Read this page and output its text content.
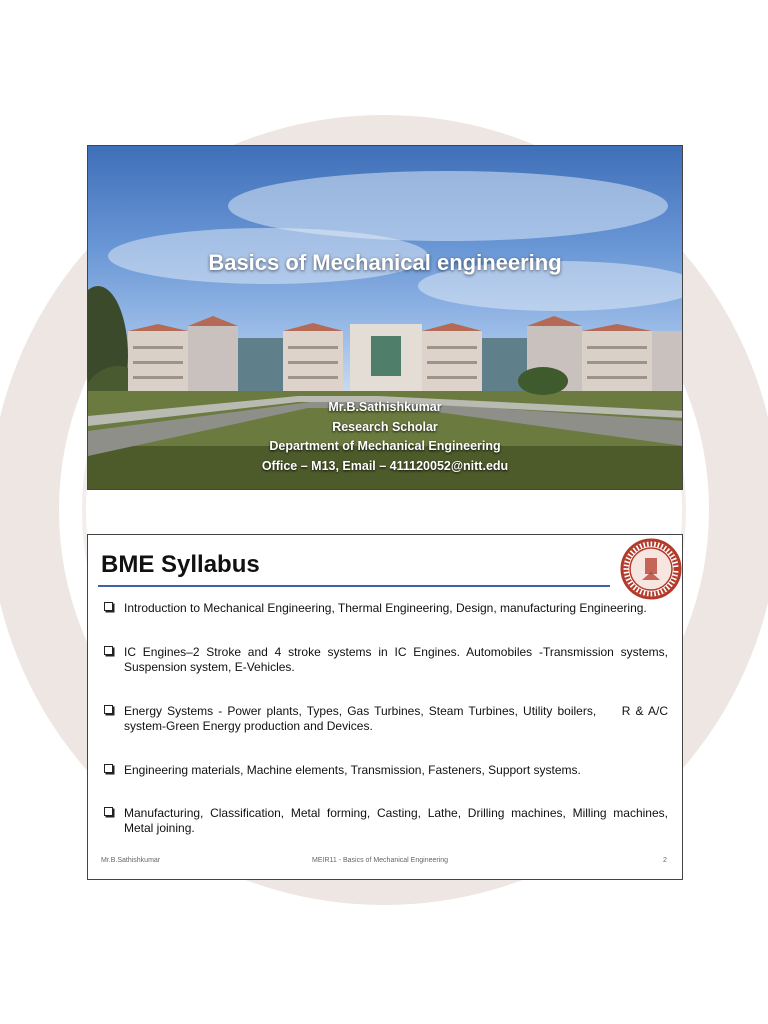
Basics of Mechanical engineering
Mr.B.Sathishkumar
Research Scholar
Department of Mechanical Engineering
Office – M13, Email – 411120052@nitt.edu
BME Syllabus
Introduction to Mechanical Engineering, Thermal Engineering, Design, manufacturing Engineering.
IC Engines–2 Stroke and 4 stroke systems in IC Engines. Automobiles -Transmission systems, Suspension system, E-Vehicles.
Energy Systems - Power plants, Types, Gas Turbines, Steam Turbines, Utility boilers,     R & A/C system-Green Energy production and Devices.
Engineering materials, Machine elements, Transmission, Fasteners, Support systems.
Manufacturing, Classification, Metal forming, Casting, Lathe, Drilling machines, Milling machines, Metal joining.
Mr.B.Sathishkumar	MEIR11 - Basics of Mechanical Engineering	2
